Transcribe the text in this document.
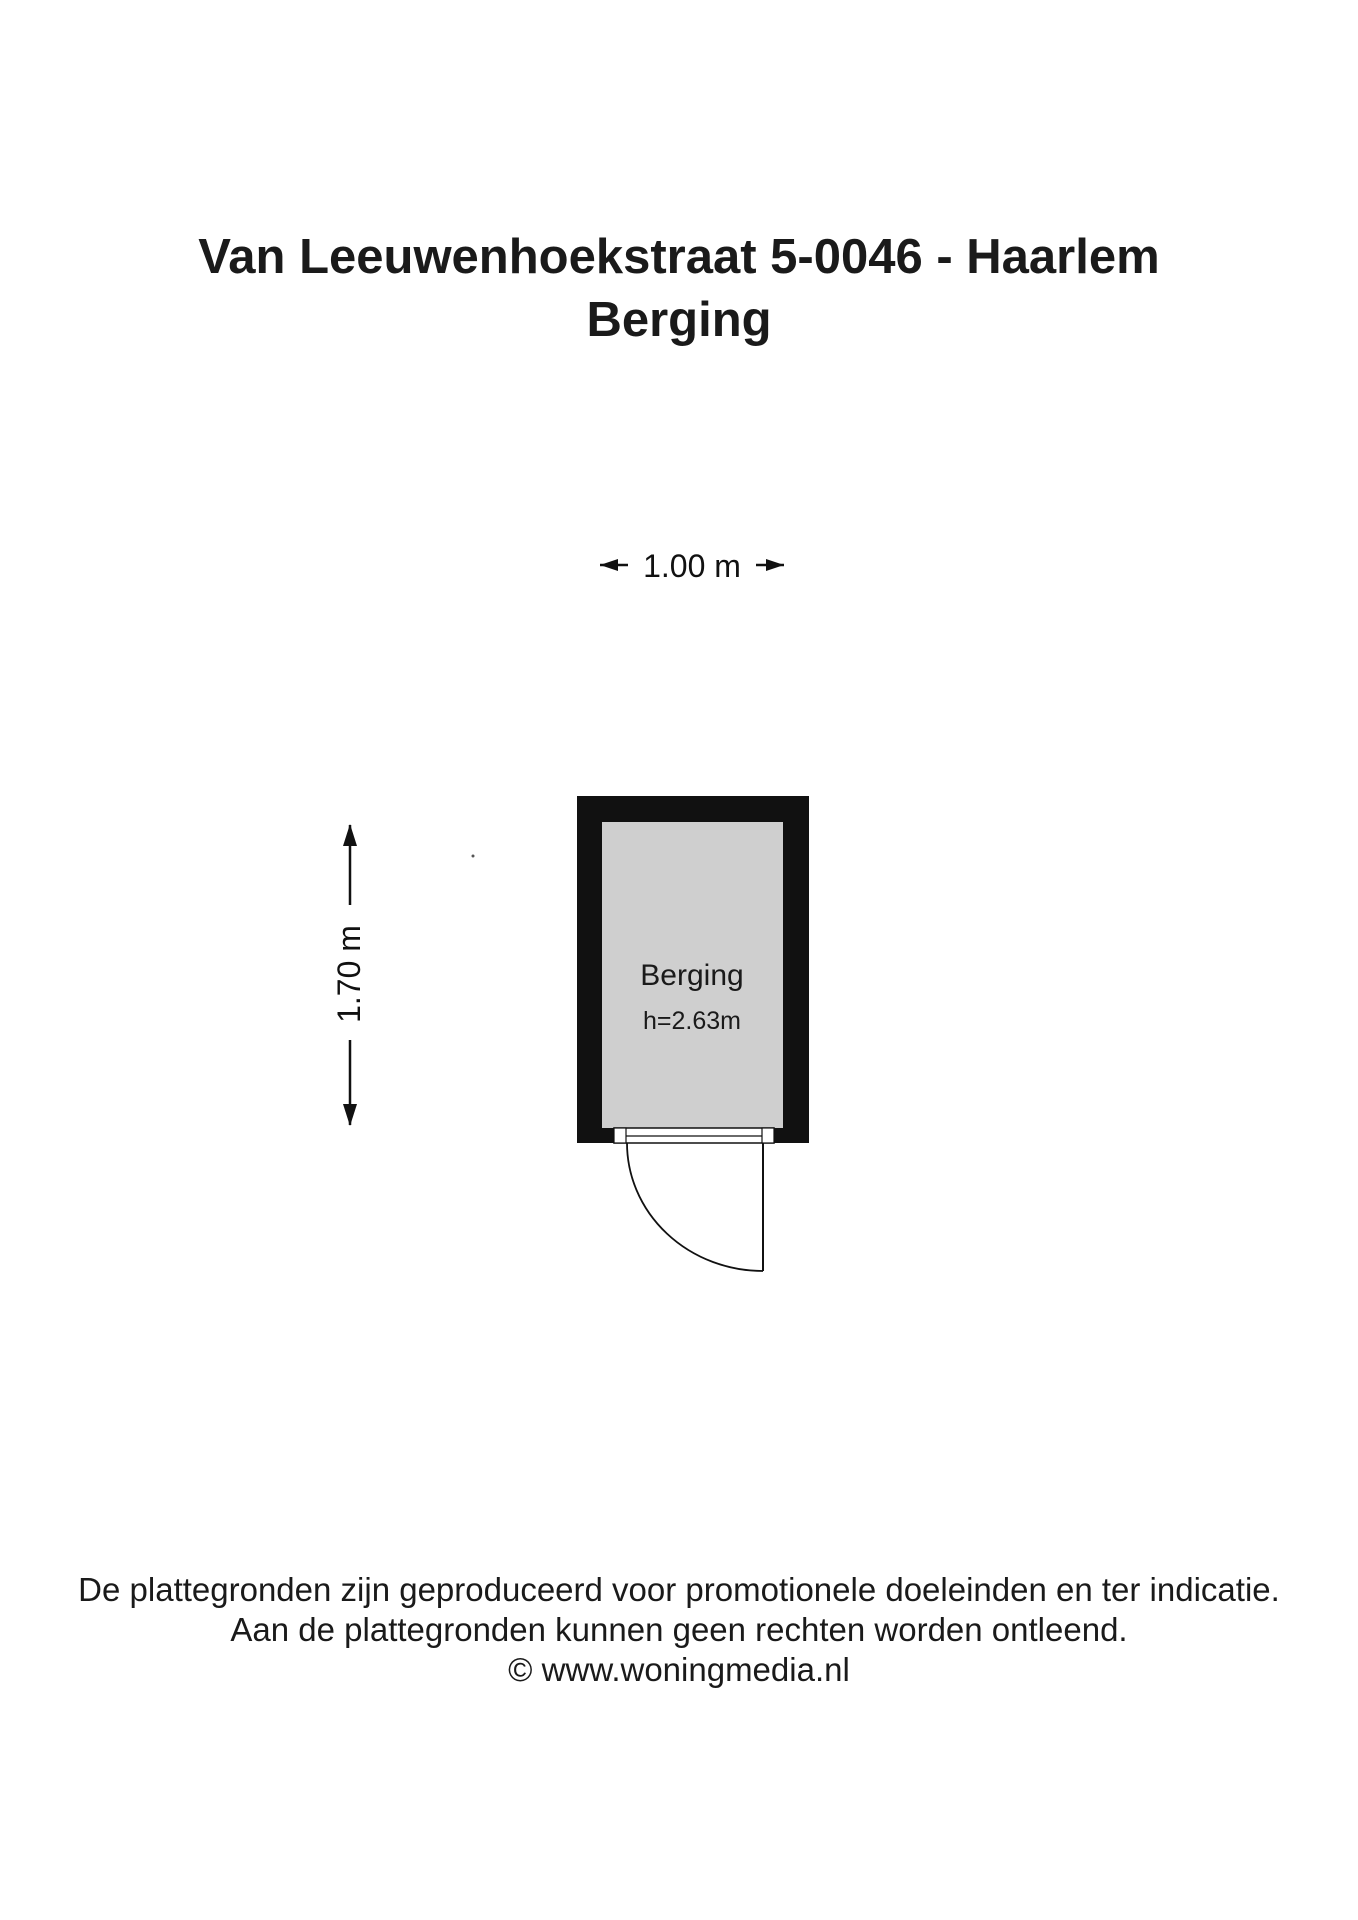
Van Leeuwenhoekstraat 5-0046 - Haarlem
Berging
1.00 m
1.70 m	Berging
h=2.63m
De plattegronden zijn geproduceerd voor promotionele doeleinden en ter indicatie.
Aan de plattegronden kunnen geen rechten worden ontleend.
© www.woningmedia.nl
